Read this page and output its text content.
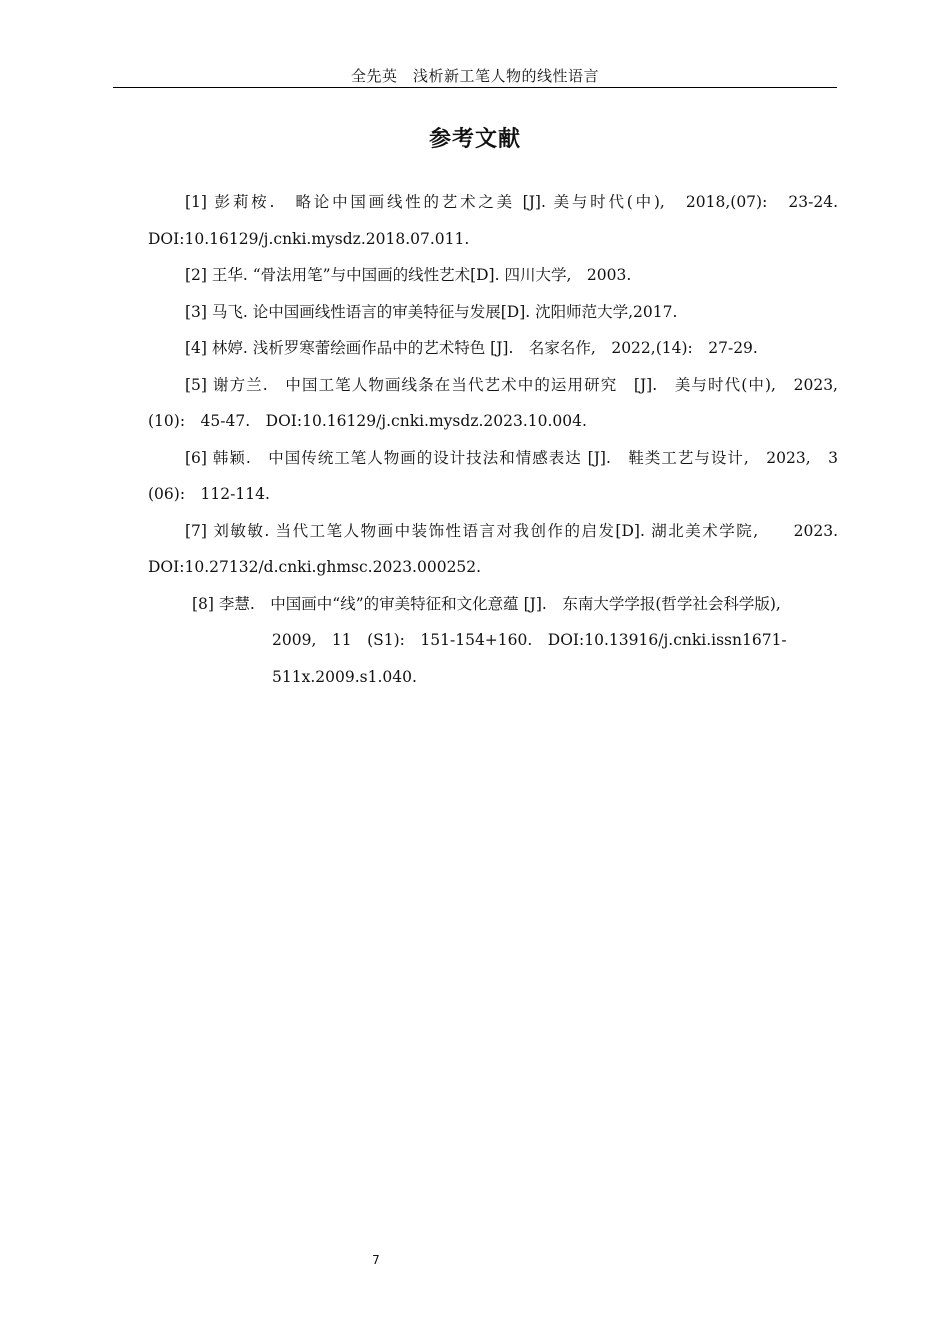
全先英　浅析新工笔人物的线性语言
参考文献

[1] 彭莉桉.　略论中国画线性的艺术之美 [J]. 美与时代(中),　2018,(07):　23-24.　DOI:10.16129/j.cnki.mysdz.2018.07.011.

[2] 王华. “骨法用笔”与中国画的线性艺术[D]. 四川大学,　2003.

[3] 马飞. 论中国画线性语言的审美特征与发展[D]. 沈阳师范大学,2017.

[4] 林婷. 浅析罗寒蕾绘画作品中的艺术特色 [J].　名家名作,　2022,(14):　27-29.

[5] 谢方兰.　中国工笔人物画线条在当代艺术中的运用研究　[J].　美与时代(中),　2023,　　(10):　45-47.　DOI:10.16129/j.cnki.mysdz.2023.10.004.

[6] 韩颖.　中国传统工笔人物画的设计技法和情感表达 [J].　鞋类工艺与设计,　2023,　3　(06):　112-114.

[7] 刘敏敏. 当代工笔人物画中装饰性语言对我创作的启发[D]. 湖北美术学院,　　2023. DOI:10.27132/d.cnki.ghmsc.2023.000252.

[8] 李慧.　中国画中“线”的审美特征和文化意蕴 [J].　东南大学学报(哲学社会科学版),　2009,　11　(S1):　151-154+160.　DOI:10.13916/j.cnki.issn1671-511x.2009.s1.040.

7
